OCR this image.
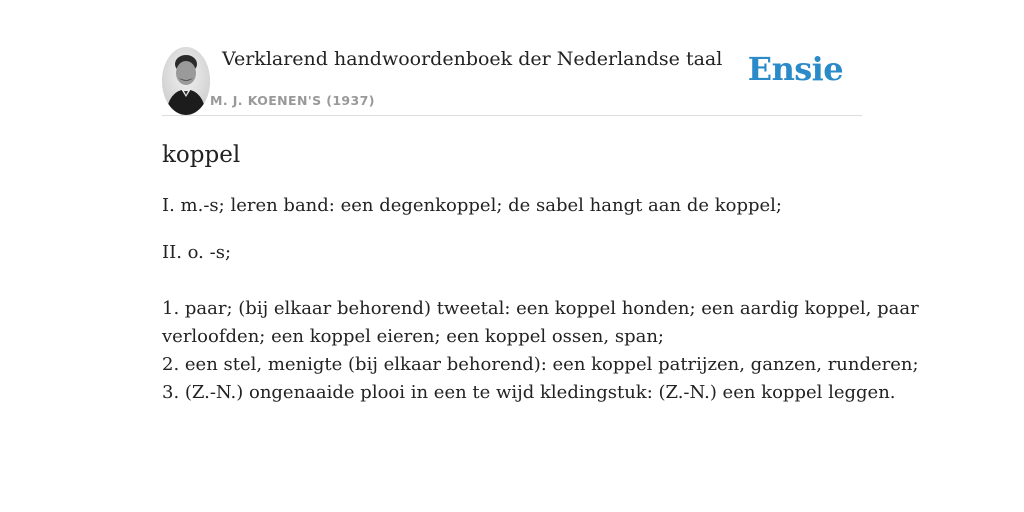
Verklarend handwoordenboek der Nederlandse taal
M. J. KOENEN'S (1937)
Ensie
koppel
I. m.-s; leren band: een degenkoppel; de sabel hangt aan de koppel;
II. o. -s;
1. paar; (bij elkaar behorend) tweetal: een koppel honden; een aardig koppel, paar
verloofden; een koppel eieren; een koppel ossen, span;
2. een stel, menigte (bij elkaar behorend): een koppel patrijzen, ganzen, runderen;
3. (Z.-N.) ongenaaide plooi in een te wijd kledingstuk: (Z.-N.) een koppel leggen.
